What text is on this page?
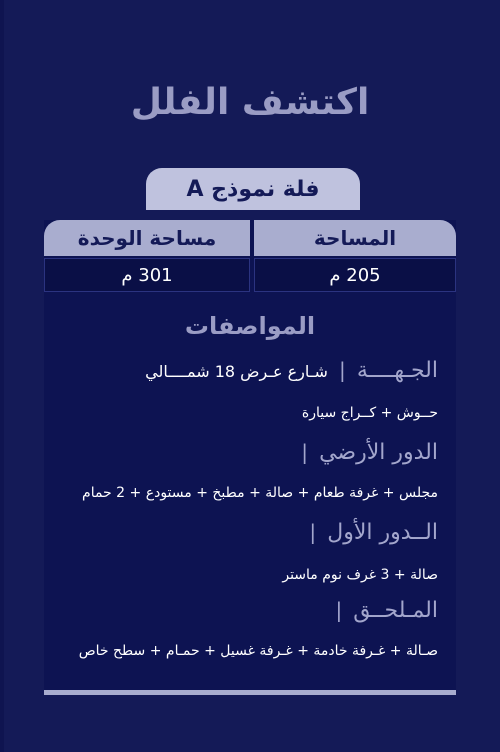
اكتشف الفلل
فلة نموذج A
المساحة
مساحة الوحدة
205 م
301 م
المواصفات
الجـهــــة | شـارع عـرض 18 شمــــالي
حــوش + كــراج سيارة
الدور الأرضي |
مجلس + غرفة طعام + صالة + مطبخ + مستودع + 2 حمام
الــدور الأول |
صالة + 3 غرف نوم ماستر
المـلحــق |
صـالة + غـرفة خادمة + غـرفة غسيل + حمـام + سطح خاص
